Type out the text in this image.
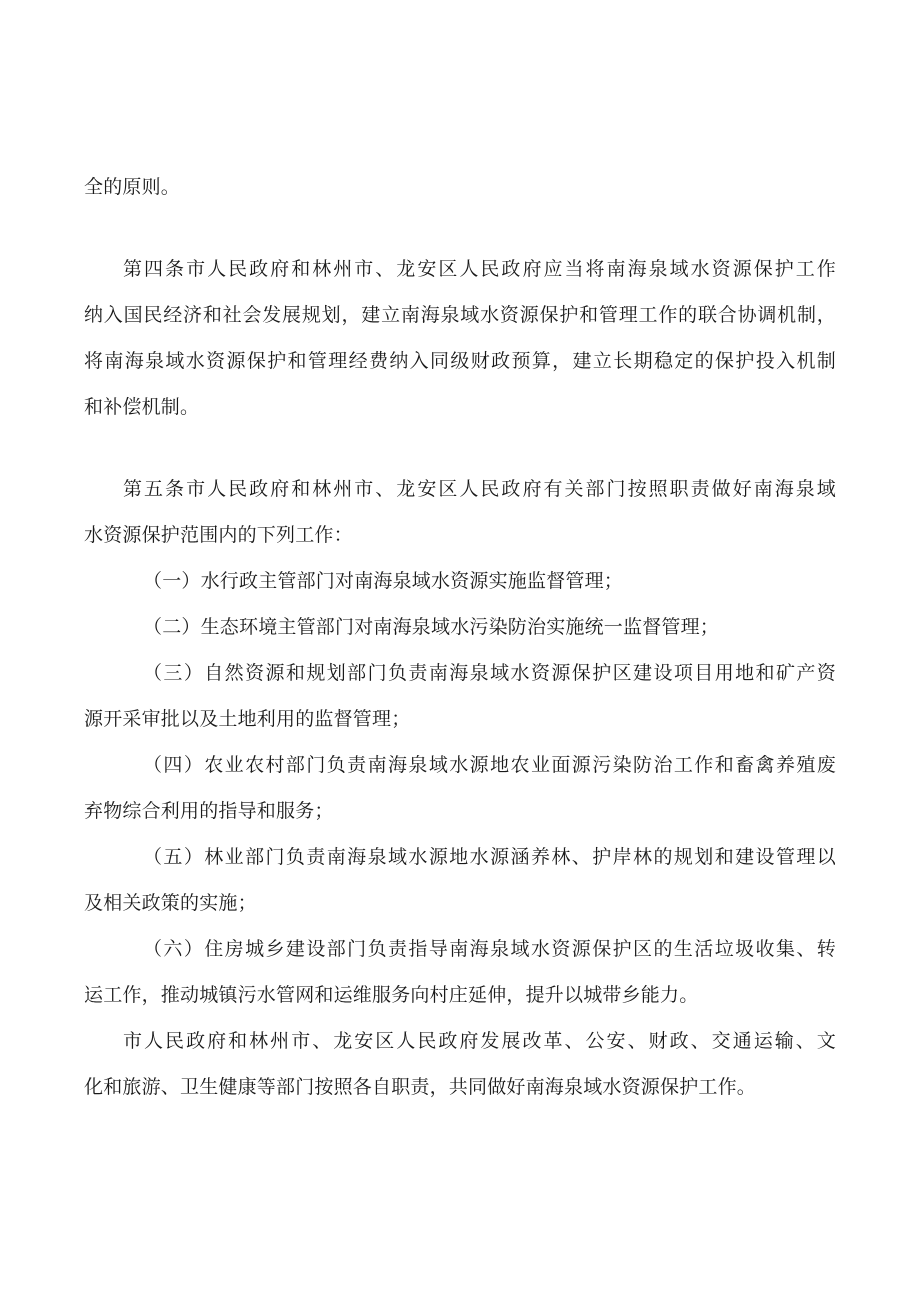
全的原则。
第四条市人民政府和林州市、龙安区人民政府应当将南海泉域水资源保护工作
纳入国民经济和社会发展规划，建立南海泉域水资源保护和管理工作的联合协调机制，
将南海泉域水资源保护和管理经费纳入同级财政预算，建立长期稳定的保护投入机制
和补偿机制。
第五条市人民政府和林州市、龙安区人民政府有关部门按照职责做好南海泉域
水资源保护范围内的下列工作：
（一）水行政主管部门对南海泉域水资源实施监督管理；
（二）生态环境主管部门对南海泉域水污染防治实施统一监督管理；
（三）自然资源和规划部门负责南海泉域水资源保护区建设项目用地和矿产资
源开采审批以及土地利用的监督管理；
（四）农业农村部门负责南海泉域水源地农业面源污染防治工作和畜禽养殖废
弃物综合利用的指导和服务；
（五）林业部门负责南海泉域水源地水源涵养林、护岸林的规划和建设管理以
及相关政策的实施；
（六）住房城乡建设部门负责指导南海泉域水资源保护区的生活垃圾收集、转
运工作，推动城镇污水管网和运维服务向村庄延伸，提升以城带乡能力。
市人民政府和林州市、龙安区人民政府发展改革、公安、财政、交通运输、文
化和旅游、卫生健康等部门按照各自职责，共同做好南海泉域水资源保护工作。
